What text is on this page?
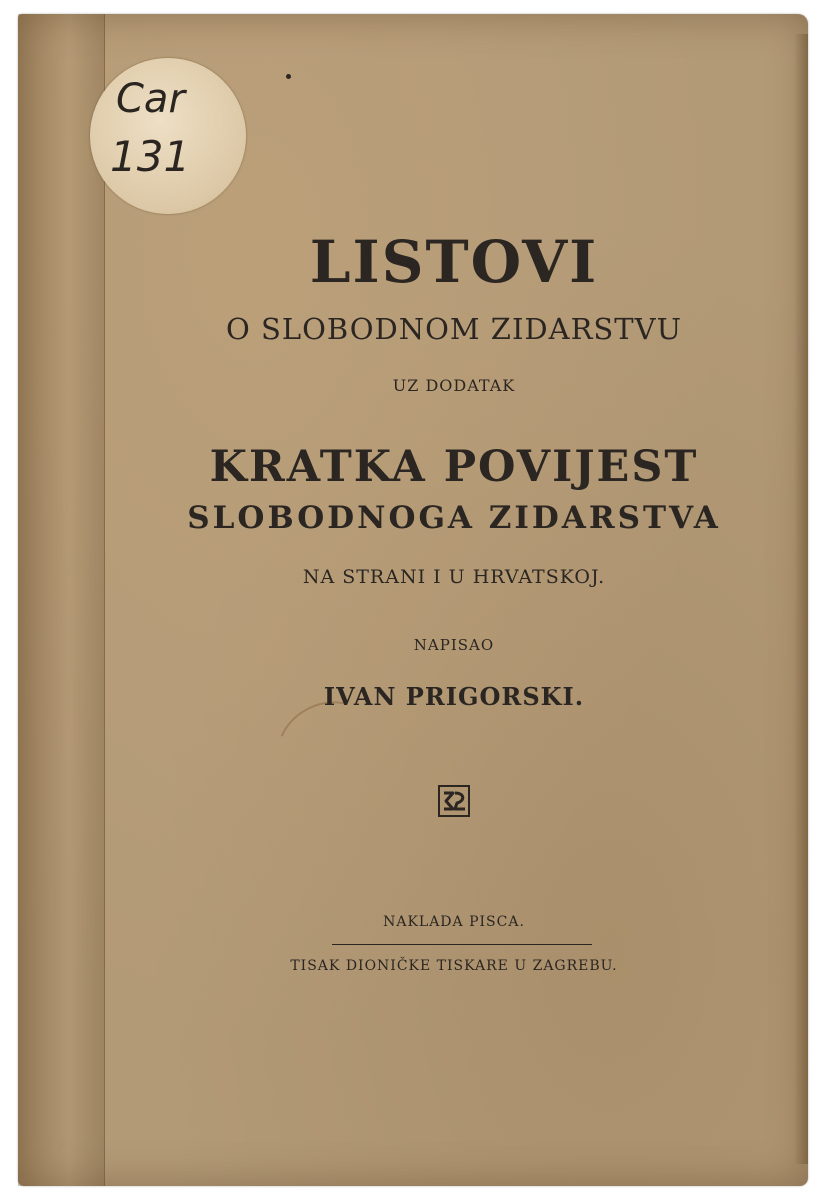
Car
131
LISTOVI
O SLOBODNOM ZIDARSTVU
UZ DODATAK
KRATKA POVIJEST
SLOBODNOGA ZIDARSTVA
NA STRANI I U HRVATSKOJ.
NAPISAO
IVAN PRIGORSKI.
NAKLADA PISCA.
TISAK DIONIČKE TISKARE U ZAGREBU.
